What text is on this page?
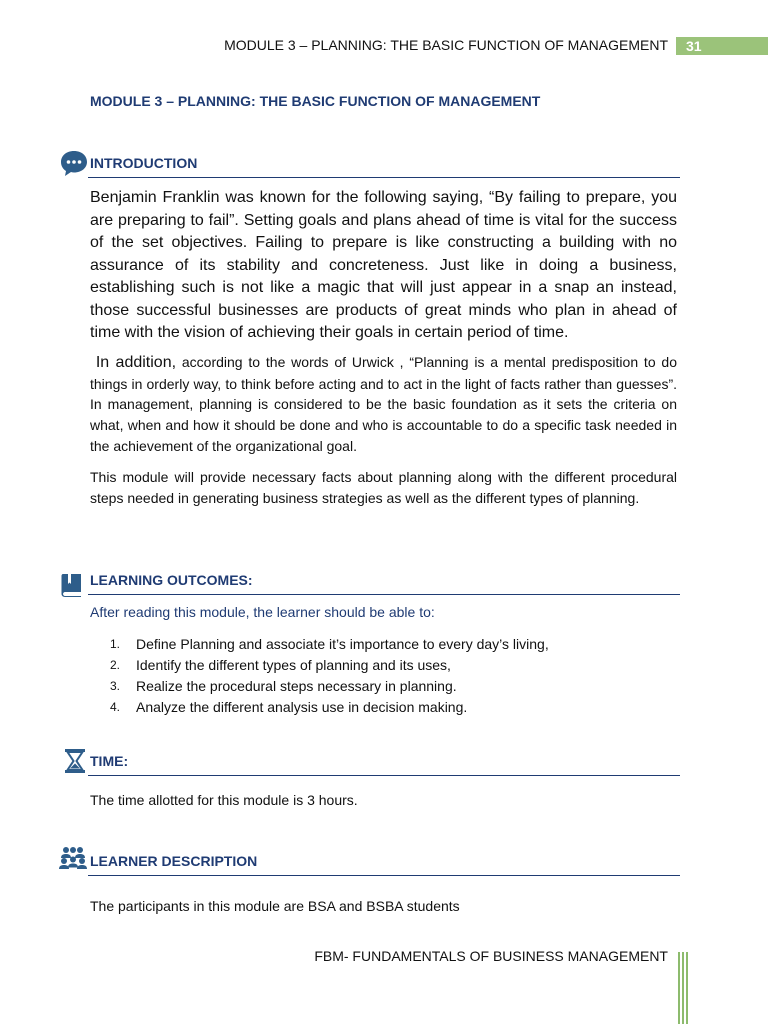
MODULE 3 – PLANNING: THE BASIC FUNCTION OF MANAGEMENT	31
MODULE 3 – PLANNING: THE BASIC FUNCTION OF MANAGEMENT
INTRODUCTION
Benjamin Franklin was known for the following saying, “By failing to prepare, you are preparing to fail”. Setting goals and plans ahead of time is vital for the success of the set objectives. Failing to prepare is like constructing a building with no assurance of its stability and concreteness. Just like in doing a business, establishing such is not like a magic that will just appear in a snap an instead, those successful businesses are products of great minds who plan in ahead of time with the vision of achieving their goals in certain period of time.
In addition, according to the words of Urwick , “Planning is a mental predisposition to do things in orderly way, to think before acting and to act in the light of facts rather than guesses”. In management, planning is considered to be the basic foundation as it sets the criteria on what, when and how it should be done and who is accountable to do a specific task needed in the achievement of the organizational goal.
This module will provide necessary facts about planning along with the different procedural steps needed in generating business strategies as well as the different types of planning.
LEARNING OUTCOMES:
After reading this module, the learner should be able to:
1. Define Planning and associate it’s importance to every day’s living,
2. Identify the different types of planning and its uses,
3. Realize the procedural steps necessary in planning.
4. Analyze the different analysis use in decision making.
TIME:
The time allotted for this module is 3 hours.
LEARNER DESCRIPTION
The participants in this module are BSA and BSBA students
FBM- FUNDAMENTALS OF BUSINESS MANAGEMENT
